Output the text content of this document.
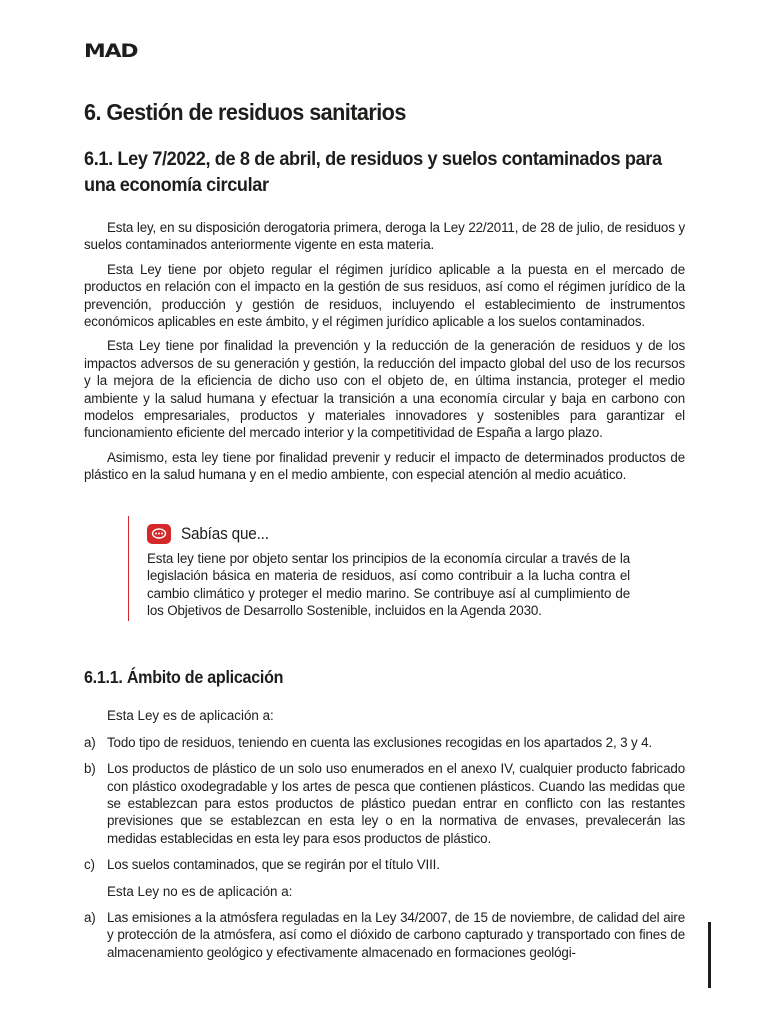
MAD
6. Gestión de residuos sanitarios
6.1. Ley 7/2022, de 8 de abril, de residuos y suelos contaminados para una economía circular

Esta ley, en su disposición derogatoria primera, deroga la Ley 22/2011, de 28 de julio, de residuos y suelos contaminados anteriormente vigente en esta materia.

Esta Ley tiene por objeto regular el régimen jurídico aplicable a la puesta en el mercado de productos en relación con el impacto en la gestión de sus residuos, así como el régimen jurídico de la prevención, producción y gestión de residuos, incluyendo el establecimiento de instrumentos económicos aplicables en este ámbito, y el régimen jurídico aplicable a los suelos contaminados.

Esta Ley tiene por finalidad la prevención y la reducción de la generación de residuos y de los impactos adversos de su generación y gestión, la reducción del impacto global del uso de los recursos y la mejora de la eficiencia de dicho uso con el objeto de, en última instancia, proteger el medio ambiente y la salud humana y efectuar la transición a una economía circular y baja en carbono con modelos empresariales, productos y materiales innovadores y sostenibles para garantizar el funcionamiento eficiente del mercado interior y la competitividad de España a largo plazo.

Asimismo, esta ley tiene por finalidad prevenir y reducir el impacto de determinados productos de plástico en la salud humana y en el medio ambiente, con especial atención al medio acuático.

Sabías que...

Esta ley tiene por objeto sentar los principios de la economía circular a través de la legislación básica en materia de residuos, así como contribuir a la lucha contra el cambio climático y proteger el medio marino. Se contribuye así al cumplimiento de los Objetivos de Desarrollo Sostenible, incluidos en la Agenda 2030.

6.1.1. Ámbito de aplicación

Esta Ley es de aplicación a:

a) Todo tipo de residuos, teniendo en cuenta las exclusiones recogidas en los apartados 2, 3 y 4.
b) Los productos de plástico de un solo uso enumerados en el anexo IV, cualquier producto fabricado con plástico oxodegradable y los artes de pesca que contienen plásticos. Cuando las medidas que se establezcan para estos productos de plástico puedan entrar en conflicto con las restantes previsiones que se establezcan en esta ley o en la normativa de envases, prevalecerán las medidas establecidas en esta ley para esos productos de plástico.
c) Los suelos contaminados, que se regirán por el título VIII.

Esta Ley no es de aplicación a:

a) Las emisiones a la atmósfera reguladas en la Ley 34/2007, de 15 de noviembre, de calidad del aire y protección de la atmósfera, así como el dióxido de carbono capturado y transportado con fines de almacenamiento geológico y efectivamente almacenado en formaciones geológi-
